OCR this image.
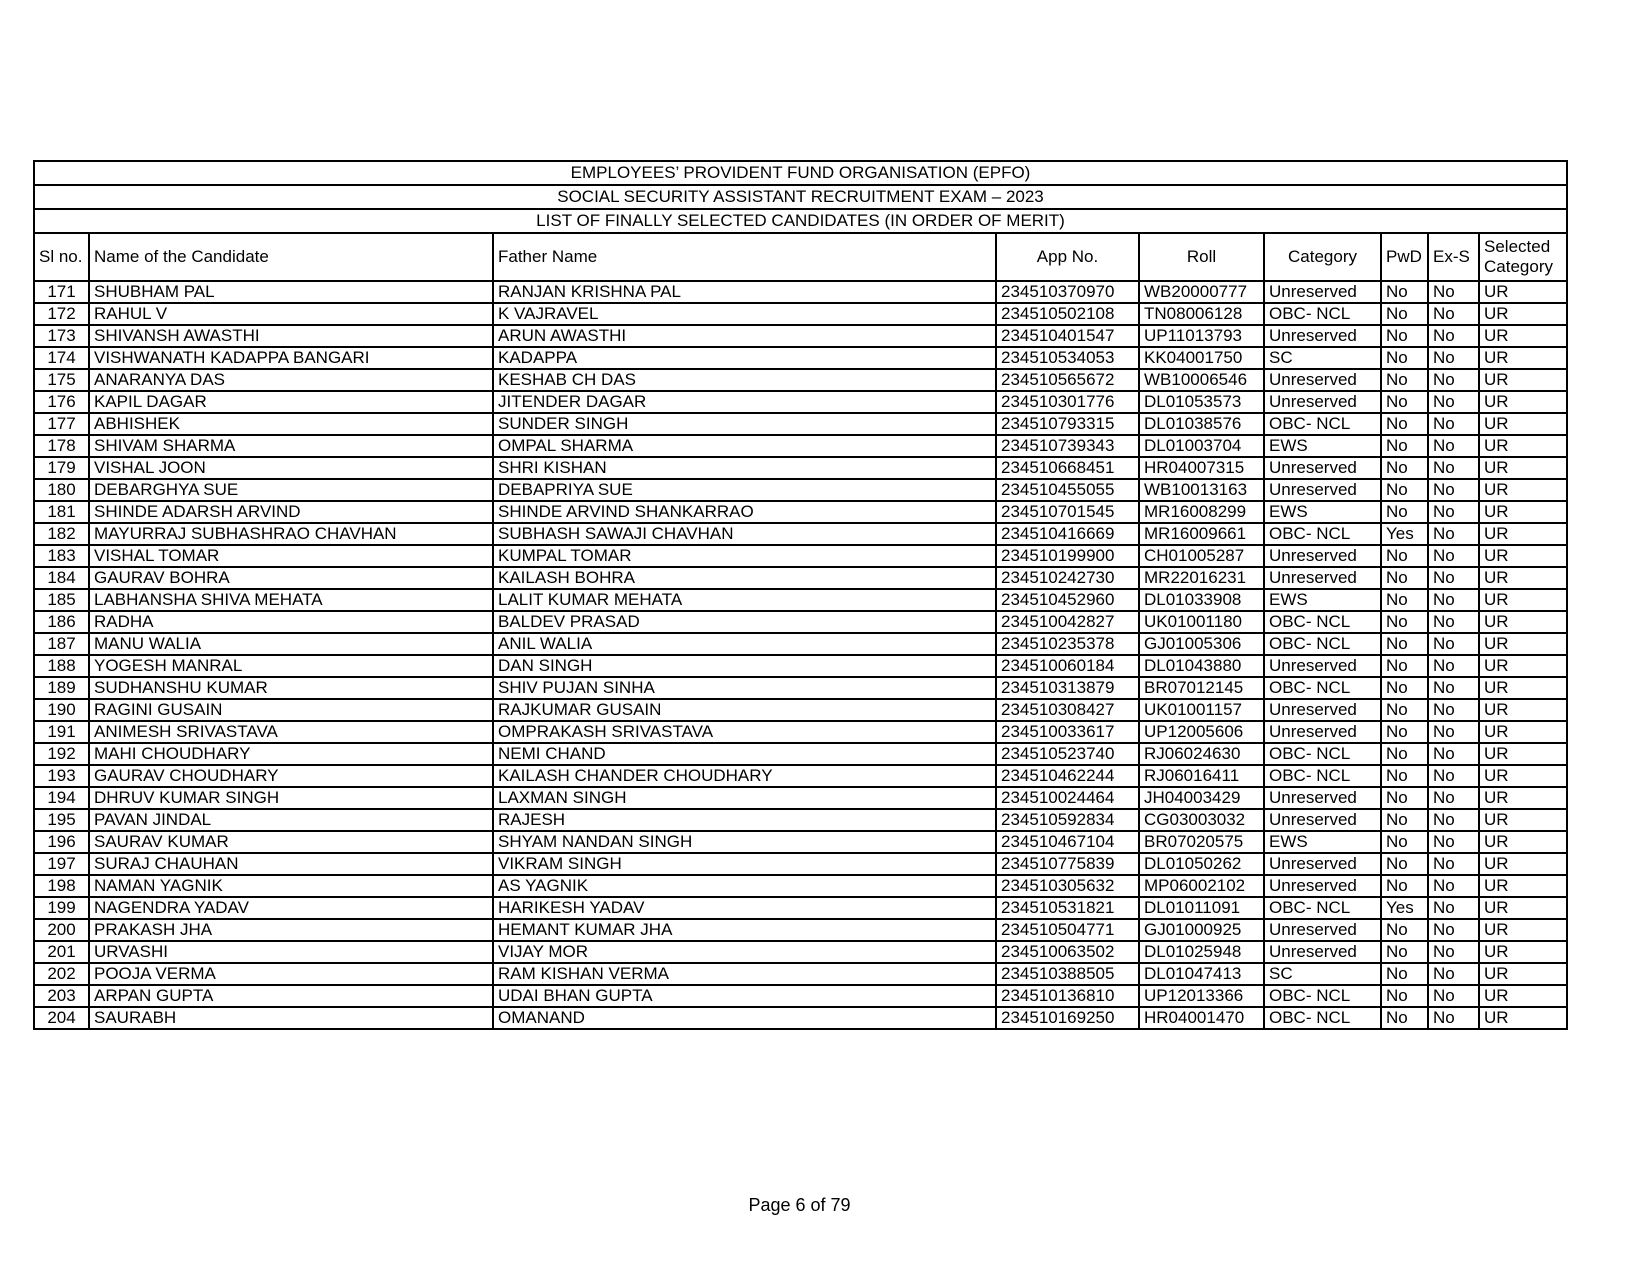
EMPLOYEES’ PROVIDENT FUND ORGANISATION (EPFO)								
SOCIAL SECURITY ASSISTANT RECRUITMENT EXAM – 2023								
LIST OF FINALLY SELECTED CANDIDATES (IN ORDER OF MERIT)								
Sl no.	Name of the Candidate	Father Name	App No.	Roll	Category	PwD	Ex-S	Selected Category
171	SHUBHAM PAL	RANJAN KRISHNA PAL	234510370970	WB20000777	Unreserved	No	No	UR
172	RAHUL V	K VAJRAVEL	234510502108	TN08006128	OBC- NCL	No	No	UR
173	SHIVANSH AWASTHI	ARUN AWASTHI	234510401547	UP11013793	Unreserved	No	No	UR
174	VISHWANATH KADAPPA BANGARI	KADAPPA	234510534053	KK04001750	SC	No	No	UR
175	ANARANYA DAS	KESHAB CH DAS	234510565672	WB10006546	Unreserved	No	No	UR
176	KAPIL DAGAR	JITENDER DAGAR	234510301776	DL01053573	Unreserved	No	No	UR
177	ABHISHEK	SUNDER SINGH	234510793315	DL01038576	OBC- NCL	No	No	UR
178	SHIVAM SHARMA	OMPAL SHARMA	234510739343	DL01003704	EWS	No	No	UR
179	VISHAL JOON	SHRI KISHAN	234510668451	HR04007315	Unreserved	No	No	UR
180	DEBARGHYA SUE	DEBAPRIYA SUE	234510455055	WB10013163	Unreserved	No	No	UR
181	SHINDE ADARSH ARVIND	SHINDE ARVIND SHANKARRAO	234510701545	MR16008299	EWS	No	No	UR
182	MAYURRAJ SUBHASHRAO CHAVHAN	SUBHASH SAWAJI CHAVHAN	234510416669	MR16009661	OBC- NCL	Yes	No	UR
183	VISHAL TOMAR	KUMPAL TOMAR	234510199900	CH01005287	Unreserved	No	No	UR
184	GAURAV BOHRA	KAILASH BOHRA	234510242730	MR22016231	Unreserved	No	No	UR
185	LABHANSHA SHIVA MEHATA	LALIT KUMAR MEHATA	234510452960	DL01033908	EWS	No	No	UR
186	RADHA	BALDEV PRASAD	234510042827	UK01001180	OBC- NCL	No	No	UR
187	MANU WALIA	ANIL WALIA	234510235378	GJ01005306	OBC- NCL	No	No	UR
188	YOGESH MANRAL	DAN SINGH	234510060184	DL01043880	Unreserved	No	No	UR
189	SUDHANSHU KUMAR	SHIV PUJAN SINHA	234510313879	BR07012145	OBC- NCL	No	No	UR
190	RAGINI GUSAIN	RAJKUMAR GUSAIN	234510308427	UK01001157	Unreserved	No	No	UR
191	ANIMESH SRIVASTAVA	OMPRAKASH SRIVASTAVA	234510033617	UP12005606	Unreserved	No	No	UR
192	MAHI CHOUDHARY	NEMI CHAND	234510523740	RJ06024630	OBC- NCL	No	No	UR
193	GAURAV CHOUDHARY	KAILASH CHANDER CHOUDHARY	234510462244	RJ06016411	OBC- NCL	No	No	UR
194	DHRUV KUMAR SINGH	LAXMAN SINGH	234510024464	JH04003429	Unreserved	No	No	UR
195	PAVAN JINDAL	RAJESH	234510592834	CG03003032	Unreserved	No	No	UR
196	SAURAV KUMAR	SHYAM NANDAN SINGH	234510467104	BR07020575	EWS	No	No	UR
197	SURAJ CHAUHAN	VIKRAM SINGH	234510775839	DL01050262	Unreserved	No	No	UR
198	NAMAN YAGNIK	AS YAGNIK	234510305632	MP06002102	Unreserved	No	No	UR
199	NAGENDRA YADAV	HARIKESH YADAV	234510531821	DL01011091	OBC- NCL	Yes	No	UR
200	PRAKASH JHA	HEMANT KUMAR JHA	234510504771	GJ01000925	Unreserved	No	No	UR
201	URVASHI	VIJAY MOR	234510063502	DL01025948	Unreserved	No	No	UR
202	POOJA VERMA	RAM KISHAN VERMA	234510388505	DL01047413	SC	No	No	UR
203	ARPAN GUPTA	UDAI BHAN GUPTA	234510136810	UP12013366	OBC- NCL	No	No	UR
204	SAURABH	OMANAND	234510169250	HR04001470	OBC- NCL	No	No	UR
Page 6 of 79
